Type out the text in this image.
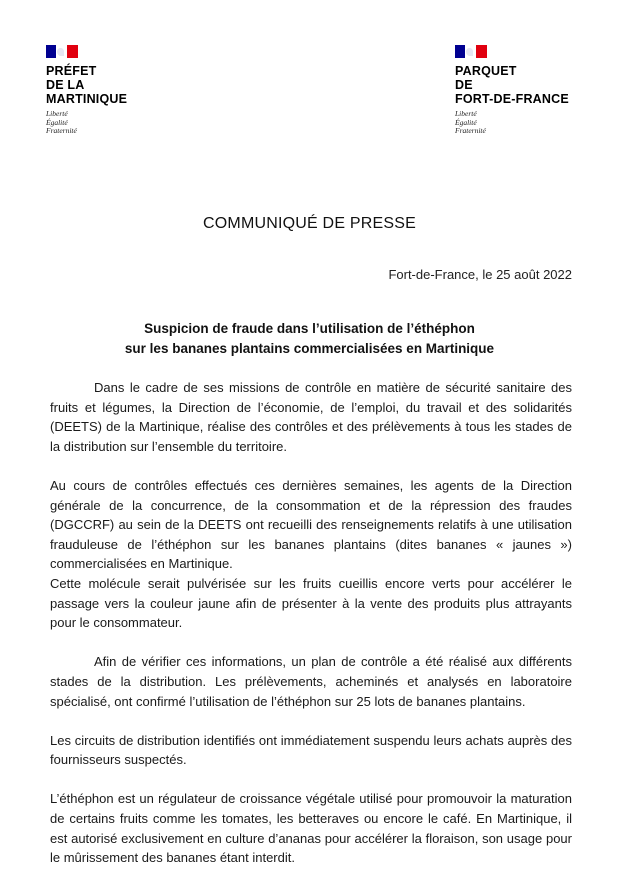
PRÉFET
DE LA
MARTINIQUE
Liberté
Égalité
Fraternité
PARQUET
DE
FORT-DE-FRANCE
Liberté
Égalité
Fraternité
COMMUNIQUÉ DE PRESSE
Fort-de-France, le 25 août 2022
Suspicion de fraude dans l’utilisation de l’éthéphon
sur les bananes plantains commercialisées en Martinique

Dans le cadre de ses missions de contrôle en matière de sécurité sanitaire des fruits et légumes, la Direction de l’économie, de l’emploi, du travail et des solidarités (DEETS) de la Martinique, réalise des contrôles et des prélèvements à tous les stades de la distribution sur l’ensemble du territoire.

Au cours de contrôles effectués ces dernières semaines, les agents de la Direction générale de la concurrence, de la consommation et de la répression des fraudes (DGCCRF) au sein de la DEETS ont recueilli des renseignements relatifs à une utilisation frauduleuse de l’éthéphon sur les bananes plantains (dites bananes « jaunes ») commercialisées en Martinique.

Cette molécule serait pulvérisée sur les fruits cueillis encore verts pour accélérer le passage vers la couleur jaune afin de présenter à la vente des produits plus attrayants pour le consommateur.

Afin de vérifier ces informations, un plan de contrôle a été réalisé aux différents stades de la distribution. Les prélèvements, acheminés et analysés en laboratoire spécialisé, ont confirmé l’utilisation de l’éthéphon sur 25 lots de bananes plantains.

Les circuits de distribution identifiés ont immédiatement suspendu leurs achats auprès des fournisseurs suspectés.

L’éthéphon est un régulateur de croissance végétale utilisé pour promouvoir la maturation de certains fruits comme les tomates, les betteraves ou encore le café. En Martinique, il est autorisé exclusivement en culture d’ananas pour accélérer la floraison, son usage pour le mûrissement des bananes étant interdit.
